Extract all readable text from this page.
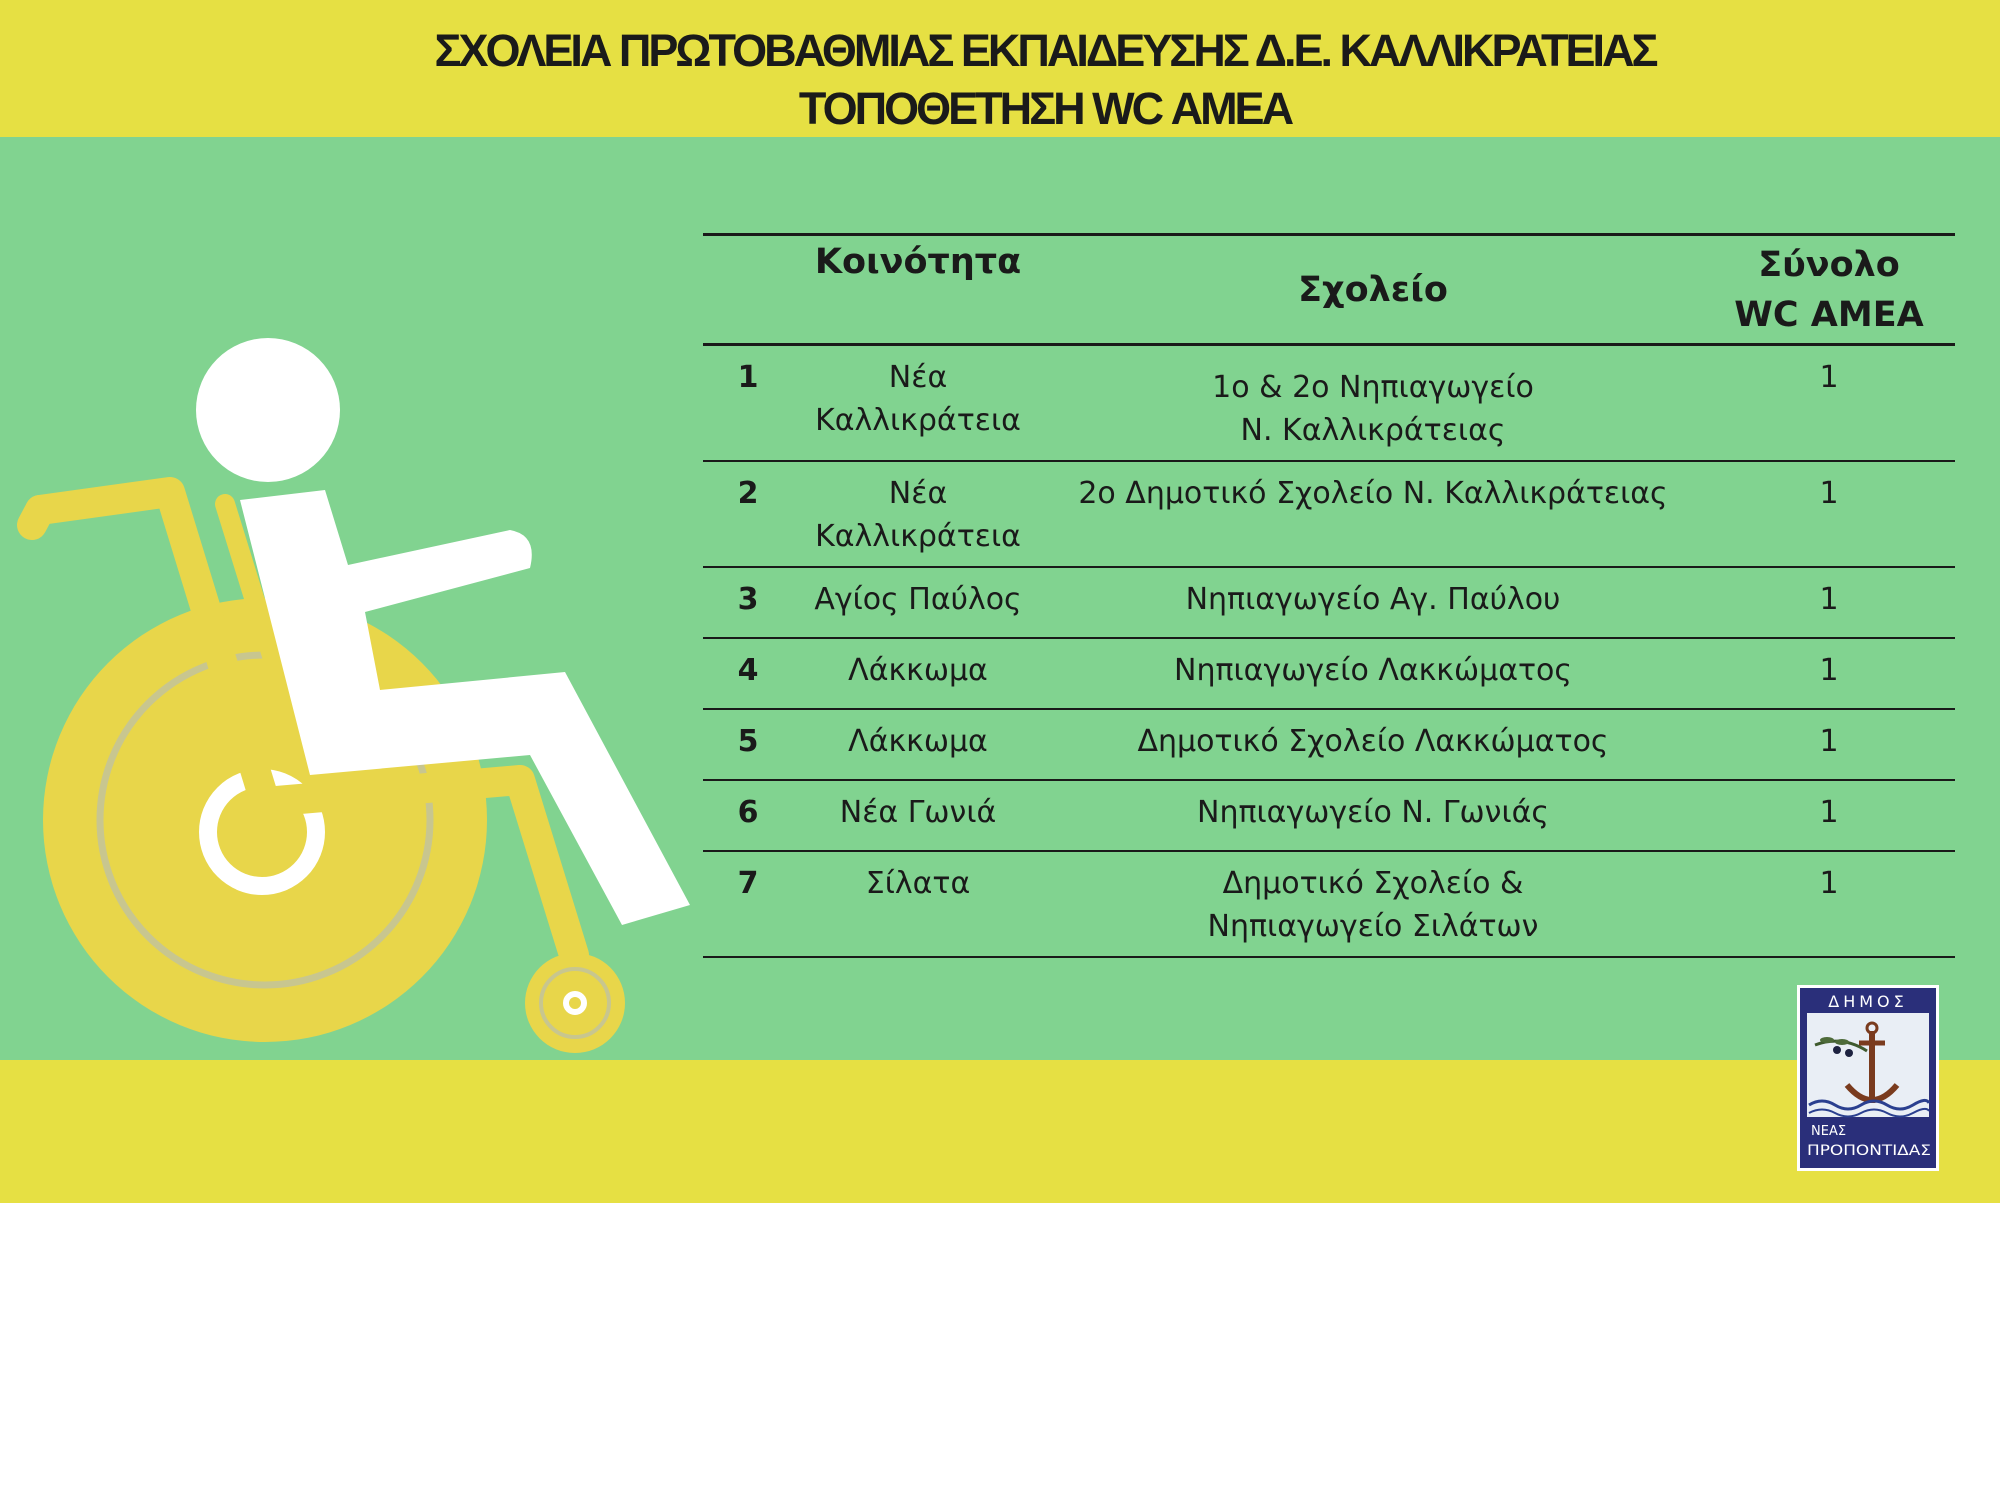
ΣΧΟΛΕΙΑ ΠΡΩΤΟΒΑΘΜΙΑΣ ΕΚΠΑΙΔΕΥΣΗΣ Δ.Ε. ΚΑΛΛΙΚΡΑΤΕΙΑΣ
ΤΟΠΟΘΕΤΗΣΗ WC ΑΜΕΑ
	Κοινότητα	Σχολείο	Σύνολο
WC ΑΜΕΑ

1	Νέα Καλλικράτεια	1ο & 2ο Νηπιαγωγείο
Ν. Καλλικράτειας	1
2	Νέα Καλλικράτεια	2ο Δημοτικό Σχολείο Ν. Καλλικράτειας	1
3	Αγίος Παύλος	Νηπιαγωγείο Αγ. Παύλου	1
4	Λάκκωμα	Νηπιαγωγείο Λακκώματος	1
5	Λάκκωμα	Δημοτικό Σχολείο Λακκώματος	1
6	Νέα Γωνιά	Νηπιαγωγείο Ν. Γωνιάς	1
7	Σίλατα	Δημοτικό Σχολείο &
Νηπιαγωγείο Σιλάτων	1
ΔΗΜΟΣ
ΝΕΑΣ
ΠΡΟΠΟΝΤΙΔΑΣ
